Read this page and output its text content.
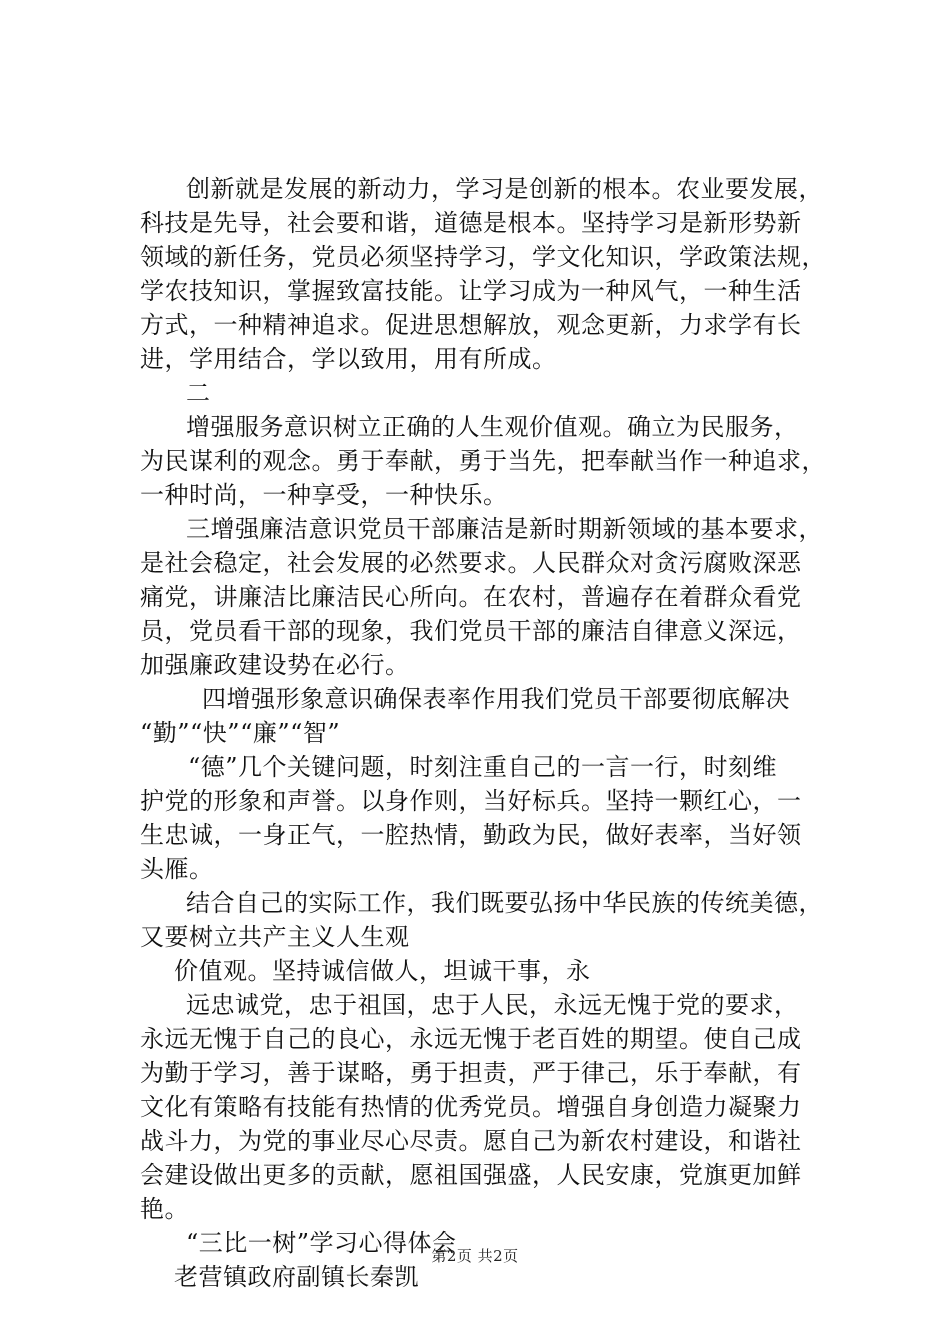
创新就是发展的新动力，学习是创新的根本。农业要发展，
科技是先导，社会要和谐，道德是根本。坚持学习是新形势新
领域的新任务，党员必须坚持学习，学文化知识，学政策法规，
学农技知识，掌握致富技能。让学习成为一种风气，一种生活
方式，一种精神追求。促进思想解放，观念更新，力求学有长
进，学用结合，学以致用，用有所成。
二
增强服务意识树立正确的人生观价值观。确立为民服务，
为民谋利的观念。勇于奉献，勇于当先，把奉献当作一种追求，
一种时尚，一种享受，一种快乐。
三增强廉洁意识党员干部廉洁是新时期新领域的基本要求，
是社会稳定，社会发展的必然要求。人民群众对贪污腐败深恶
痛党，讲廉洁比廉洁民心所向。在农村，普遍存在着群众看党
员，党员看干部的现象，我们党员干部的廉洁自律意义深远，
加强廉政建设势在必行。
四增强形象意识确保表率作用我们党员干部要彻底解决
“勤”“快”“廉”“智”
“德”几个关键问题，时刻注重自己的一言一行，时刻维
护党的形象和声誉。以身作则，当好标兵。坚持一颗红心，一
生忠诚，一身正气，一腔热情，勤政为民，做好表率，当好领
头雁。
结合自己的实际工作，我们既要弘扬中华民族的传统美德，
又要树立共产主义人生观
价值观。坚持诚信做人，坦诚干事，永
远忠诚党，忠于祖国，忠于人民，永远无愧于党的要求，
永远无愧于自己的良心，永远无愧于老百姓的期望。使自己成
为勤于学习，善于谋略，勇于担责，严于律己，乐于奉献，有
文化有策略有技能有热情的优秀党员。增强自身创造力凝聚力
战斗力，为党的事业尽心尽责。愿自己为新农村建设，和谐社
会建设做出更多的贡献，愿祖国强盛，人民安康，党旗更加鲜
艳。
“三比一树”学习心得体会
老营镇政府副镇长秦凯
第2页 共2页
